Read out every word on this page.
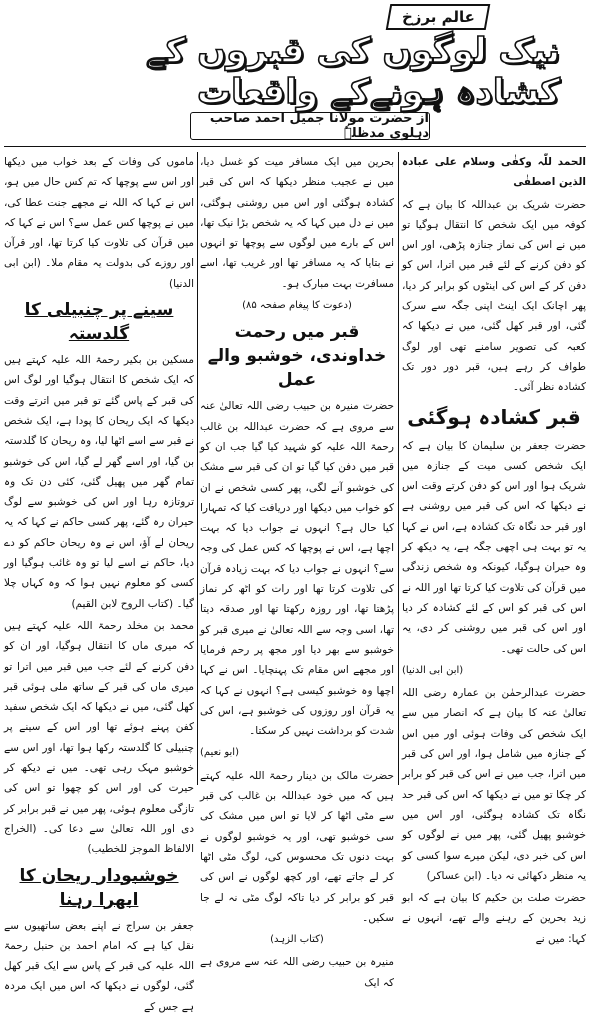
عالم برزخ
نیک لوگوں کی قبروں کے کشادہ ہونےکے واقعات
از حضرت مولانا جمیل احمد صاحب دہلوی مدظلہٗ

الحمد للّٰہ وکفٰی وسلام علی عبادہ الذین اصطفٰی

حضرت شریک بن عبداللہ کا بیان ہے کہ کوفہ میں ایک شخص کا انتقال ہوگیا تو میں نے اس کی نماز جنازہ پڑھی، اور اس کو دفن کرنے کے لئے قبر میں اترا، اس کو دفن کر کے اس کی اینٹوں کو برابر کر دیا، پھر اچانک ایک اینٹ اپنی جگہ سے سرک گئی، اور قبر کھل گئی، میں نے دیکھا کہ کعبہ کی تصویر سامنے تھی اور لوگ طواف کر رہے ہیں، قبر دور دور تک کشادہ نظر آئی۔

قبر کشادہ ہوگئی

حضرت جعفر بن سلیمان کا بیان ہے کہ ایک شخص کسی میت کے جنازہ میں شریک ہوا اور اس کو دفن کرتے وقت اس نے دیکھا کہ اس کی قبر میں روشنی ہے اور قبر حد نگاہ تک کشادہ ہے، اس نے کہا یہ تو بہت ہی اچھی جگہ ہے، یہ دیکھ کر وہ حیران ہوگیا، کیونکہ وہ شخص زندگی میں قرآن کی تلاوت کیا کرتا تھا اور اللہ نے اس کی قبر کو اس کے لئے کشادہ کر دیا اور اس کی قبر میں روشنی کر دی، یہ اس کی حالت تھی۔

(ابن ابی الدنیا)

حضرت عبدالرحمٰن بن عمارہ رضی اللہ تعالیٰ عنہ کا بیان ہے کہ انصار میں سے ایک شخص کی وفات ہوئی اور میں اس کے جنازہ میں شامل ہوا، اور اس کی قبر میں اترا، جب میں نے اس کی قبر کو برابر کر چکا تو میں نے دیکھا کہ اس کی قبر حد نگاہ تک کشادہ ہوگئی، اور اس میں خوشبو پھیل گئی، پھر میں نے لوگوں کو اس کی خبر دی، لیکن میرے سوا کسی کو یہ منظر دکھائی نہ دیا۔ (ابن عساکر)

حضرت صلت بن حکیم کا بیان ہے کہ ابو زید بحرین کے رہنے والے تھے، انہوں نے کہا: میں نے

بحرین میں ایک مسافر میت کو غسل دیا، میں نے عجیب منظر دیکھا کہ اس کی قبر کشادہ ہوگئی اور اس میں روشنی ہوگئی، میں نے دل میں کہا کہ یہ شخص بڑا نیک تھا، اس کے بارے میں لوگوں سے پوچھا تو انہوں نے بتایا کہ یہ مسافر تھا اور غریب تھا، اسے مسافرت بہت مبارک ہو۔

(دعوت کا پیغام صفحہ ۸۵)

قبر میں رحمت خداوندی، خوشبو والے عمل

حضرت منیرہ بن حبیب رضی اللہ تعالیٰ عنہ سے مروی ہے کہ حضرت عبداللہ بن غالب رحمۃ اللہ علیہ کو شہید کیا گیا جب ان کو قبر میں دفن کیا گیا تو ان کی قبر سے مشک کی خوشبو آنے لگی، پھر کسی شخص نے ان کو خواب میں دیکھا اور دریافت کیا کہ تمہارا کیا حال ہے؟ انہوں نے جواب دیا کہ بہت اچھا ہے، اس نے پوچھا کہ کس عمل کی وجہ سے؟ انہوں نے جواب دیا کہ بہت زیادہ قرآن کی تلاوت کرتا تھا اور رات کو اٹھ کر نماز پڑھتا تھا، اور روزہ رکھتا تھا اور صدقہ دیتا تھا، اسی وجہ سے اللہ تعالیٰ نے میری قبر کو خوشبو سے بھر دیا اور مجھ پر رحم فرمایا اور مجھے اس مقام تک پہنچایا۔ اس نے کہا اچھا وہ خوشبو کیسی ہے؟ انہوں نے کہا کہ یہ قرآن اور روزوں کی خوشبو ہے، اس کی شدت کو برداشت نہیں کر سکتا۔

(ابو نعیم)

حضرت مالک بن دینار رحمۃ اللہ علیہ کہتے ہیں کہ میں خود عبداللہ بن غالب کی قبر سے مٹی اٹھا کر لایا تو اس میں مشک کی سی خوشبو تھی، اور یہ خوشبو لوگوں نے بہت دنوں تک محسوس کی، لوگ مٹی اٹھا کر لے جاتے تھے، اور کچھ لوگوں نے اس کی قبر کو برابر کر دیا تاکہ لوگ مٹی نہ لے جا سکیں۔

(کتاب الزہد)

منیرہ بن حبیب رضی اللہ عنہ سے مروی ہے کہ ایک

ماموں کی وفات کے بعد خواب میں دیکھا اور اس سے پوچھا کہ تم کس حال میں ہو، اس نے کہا کہ اللہ نے مجھے جنت عطا کی، میں نے پوچھا کس عمل سے؟ اس نے کہا کہ میں قرآن کی تلاوت کیا کرتا تھا، اور قرآن اور روزے کی بدولت یہ مقام ملا۔ (ابن ابی الدنیا)

سینے پر چنبیلی کا گلدستہ

مسکین بن بکیر رحمۃ اللہ علیہ کہتے ہیں کہ ایک شخص کا انتقال ہوگیا اور لوگ اس کی قبر کے پاس گئے تو قبر میں اترتے وقت دیکھا کہ ایک ریحان کا پودا ہے، ایک شخص نے قبر سے اسے اٹھا لیا، وہ ریحان کا گلدستہ بن گیا، اور اسے گھر لے گیا، اس کی خوشبو تمام گھر میں پھیل گئی، کئی دن تک وہ تروتازہ رہا اور اس کی خوشبو سے لوگ حیران رہ گئے، پھر کسی حاکم نے کہا کہ یہ ریحان لے آؤ، اس نے وہ ریحان حاکم کو دے دیا، حاکم نے اسے لیا تو وہ غائب ہوگیا اور کسی کو معلوم نہیں ہوا کہ وہ کہاں چلا گیا۔ (کتاب الروح لابن القیم)

محمد بن مخلد رحمۃ اللہ علیہ کہتے ہیں کہ میری ماں کا انتقال ہوگیا، اور ان کو دفن کرنے کے لئے جب میں قبر میں اترا تو میری ماں کی قبر کے ساتھ ملی ہوئی قبر کھل گئی، میں نے دیکھا کہ ایک شخص سفید کفن پہنے ہوئے تھا اور اس کے سینے پر چنبیلی کا گلدستہ رکھا ہوا تھا، اور اس سے خوشبو مہک رہی تھی۔ میں نے دیکھ کر حیرت کی اور اس کو چھوا تو اس کی تازگی معلوم ہوئی، پھر میں نے قبر برابر کر دی اور اللہ تعالیٰ سے دعا کی۔ (الخراج الالفاظ الموجز للخطیب)

خوشبودار ریحان کا ابھرا رہنا

جعفر بن سراج نے اپنے بعض ساتھیوں سے نقل کیا ہے کہ امام احمد بن حنبل رحمۃ اللہ علیہ کی قبر کے پاس سے ایک قبر کھل گئی، لوگوں نے دیکھا کہ اس میں ایک مردہ ہے جس کے
